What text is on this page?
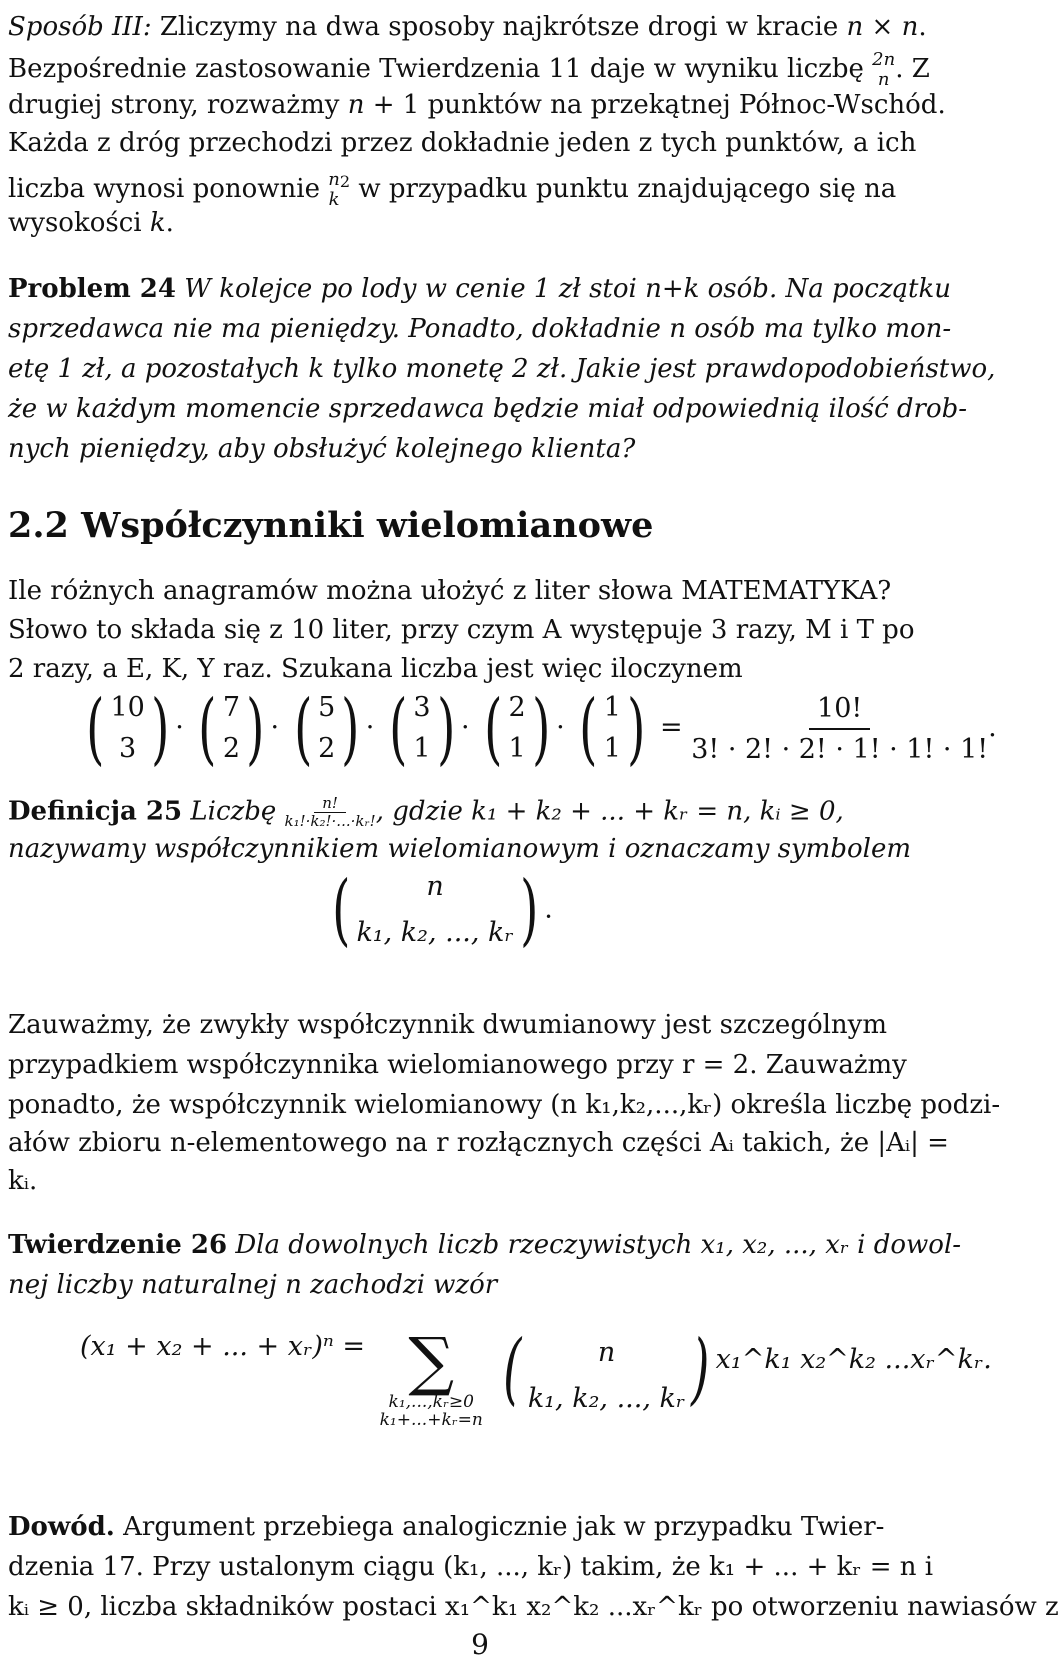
Sposób III: Zliczymy na dwa sposoby najkrótsze drogi w kracie n × n.
Bezpośrednie zastosowanie Twierdzenia 11 daje w wyniku liczbę 2n
n . Z
drugiej strony, rozważmy n + 1 punktów na przekątnej Północ-Wschód.
Każda z dróg przechodzi przez dokładnie jeden z tych punktów, a ich
liczba wynosi ponownie n
k
$^2$ w przypadku punktu znajdującego się na
wysokości k.
Problem 24 W kolejce po lody w cenie 1 zł stoi n+k osób. Na początku
sprzedawca nie ma pieniędzy. Ponadto, dokładnie n osób ma tylko mon-
etę 1 zł, a pozostałych k tylko monetę 2 zł. Jakie jest prawdopodobieństwo,
że w każdym momencie sprzedawca będzie miał odpowiednią ilość drob-
nych pieniędzy, aby obsłużyć kolejnego klienta?
2.2 Współczynniki wielomianowe
Ile różnych anagramów można ułożyć z liter słowa MATEMATYKA?
Słowo to składa się z 10 liter, przy czym A występuje 3 razy, M i T po
2 razy, a E, K, Y raz. Szukana liczba jest więc iloczynem
( 10
3 ) · ( 7
2 ) · ( 5
2 ) · ( 3
1 ) · ( 2
1 ) · ( 1
1 ) = $\frac{10!}{3! \cdot 2! \cdot 2! \cdot 1! \cdot 1! \cdot 1!}$ .
Definicja 25 Liczbę $\frac{n!}{\text{k₁!·k₂!·...·kᵣ!}}$ , gdzie k₁ + k₂ + ... + kᵣ = n, kᵢ ≥ 0,
nazywamy współczynnikiem wielomianowym i oznaczamy symbolem
(	n
k₁, k₂, ..., kᵣ ) .
Zauważmy, że zwykły współczynnik dwumianowy jest szczególnym
przypadkiem współczynnika wielomianowego przy r = 2. Zauważmy
ponadto, że współczynnik wielomianowy (n k₁,k₂,...,kᵣ) określa liczbę podzi-
ałów zbioru n-elementowego na r rozłącznych części Aᵢ takich, że |Aᵢ| =
kᵢ.
Twierdzenie 26 Dla dowolnych liczb rzeczywistych x₁, x₂, ..., xᵣ i dowol-
nej liczby naturalnej n zachodzi wzór
(x₁ + x₂ + ... + xᵣ)ⁿ = ∑
k₁,...,kᵣ≥0
k₁+...+kᵣ=n
(	n
k₁, k₂, ..., kᵣ ) x₁^k₁ x₂^k₂ ...xᵣ^kᵣ.
Dowód. Argument przebiega analogicznie jak w przypadku Twier-
dzenia 17. Przy ustalonym ciągu (k₁, ..., kᵣ) takim, że k₁ + ... + kᵣ = n i
kᵢ ≥ 0, liczba składników postaci x₁^k₁ x₂^k₂ ...xᵣ^kᵣ po otworzeniu nawiasów z
9
